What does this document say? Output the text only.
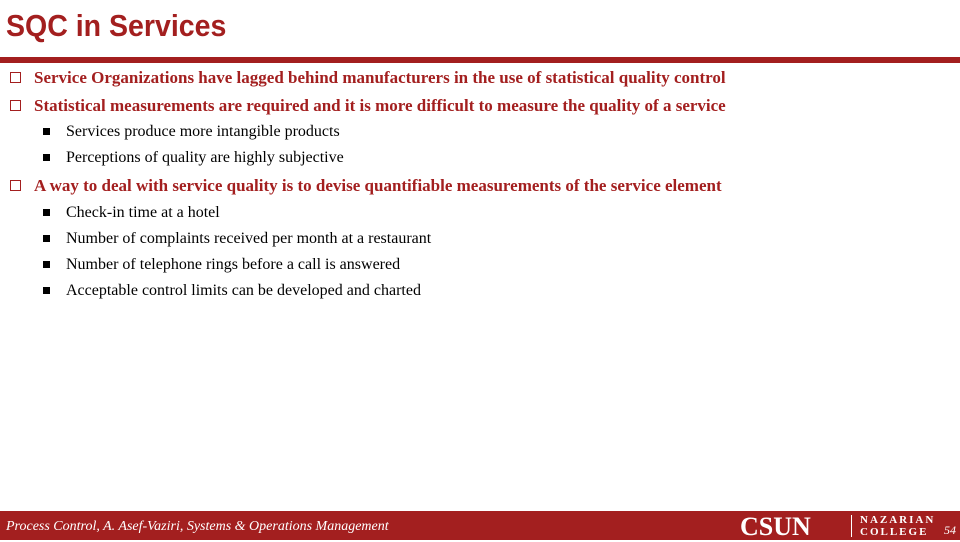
SQC in Services
Service Organizations have lagged behind manufacturers in the use of statistical quality control
Statistical measurements are required and it is more difficult to measure the quality of a service
Services produce more intangible products
Perceptions of quality are highly subjective
A way to deal with service quality is to devise quantifiable measurements of the service element
Check-in time at a hotel
Number of complaints received per month at a restaurant
Number of telephone rings before a call is answered
Acceptable control limits can be developed and charted
Process Control, A. Asef-Vaziri, Systems & Operations Management	CSUN	NAZARIAN
COLLEGE 54
